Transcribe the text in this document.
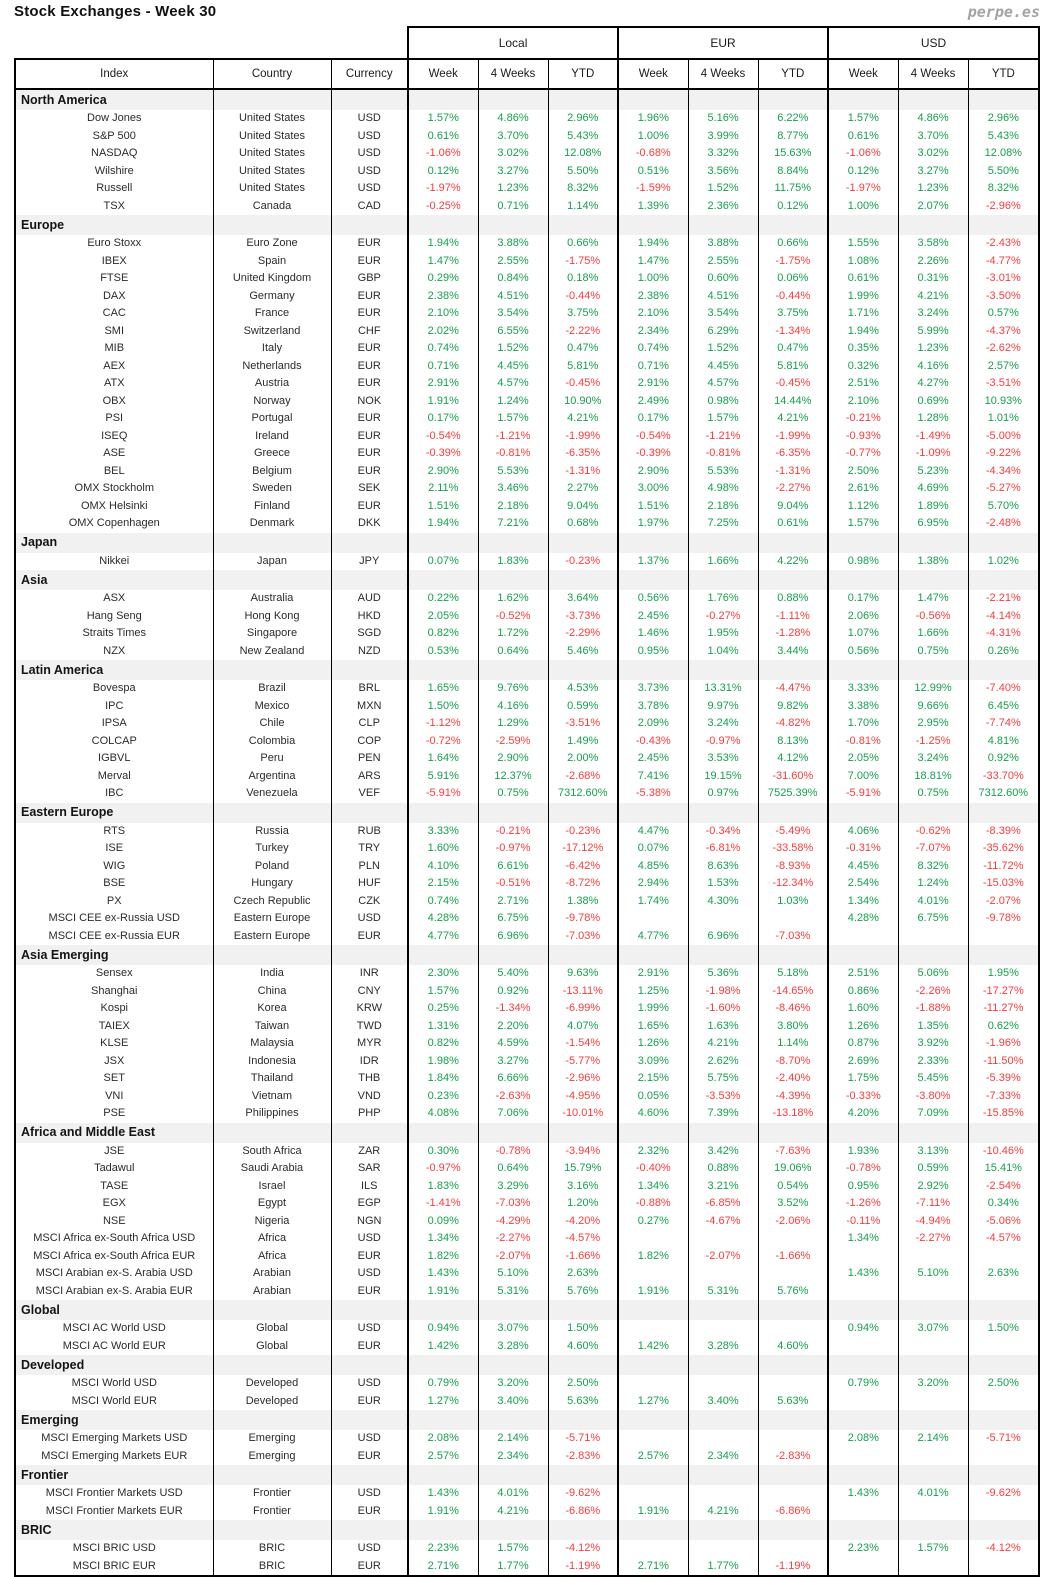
Stock Exchanges - Week 30	perpe.es
			Local			EUR			USD		
Index	Country	Currency	Week	4 Weeks	YTD	Week	4 Weeks	YTD	Week	4 Weeks	YTD
North America											
Dow Jones	United States	USD	1.57%	4.86%	2.96%	1.96%	5.16%	6.22%	1.57%	4.86%	2.96%
S&P 500	United States	USD	0.61%	3.70%	5.43%	1.00%	3.99%	8.77%	0.61%	3.70%	5.43%
NASDAQ	United States	USD	-1.06%	3.02%	12.08%	-0.68%	3.32%	15.63%	-1.06%	3.02%	12.08%
Wilshire	United States	USD	0.12%	3.27%	5.50%	0.51%	3.56%	8.84%	0.12%	3.27%	5.50%
Russell	United States	USD	-1.97%	1.23%	8.32%	-1.59%	1.52%	11.75%	-1.97%	1.23%	8.32%
TSX	Canada	CAD	-0.25%	0.71%	1.14%	1.39%	2.36%	0.12%	1.00%	2.07%	-2.96%
Europe											
Euro Stoxx	Euro Zone	EUR	1.94%	3.88%	0.66%	1.94%	3.88%	0.66%	1.55%	3.58%	-2.43%
IBEX	Spain	EUR	1.47%	2.55%	-1.75%	1.47%	2.55%	-1.75%	1.08%	2.26%	-4.77%
FTSE	United Kingdom	GBP	0.29%	0.84%	0.18%	1.00%	0.60%	0.06%	0.61%	0.31%	-3.01%
DAX	Germany	EUR	2.38%	4.51%	-0.44%	2.38%	4.51%	-0.44%	1.99%	4.21%	-3.50%
CAC	France	EUR	2.10%	3.54%	3.75%	2.10%	3.54%	3.75%	1.71%	3.24%	0.57%
SMI	Switzerland	CHF	2.02%	6.55%	-2.22%	2.34%	6.29%	-1.34%	1.94%	5.99%	-4.37%
MIB	Italy	EUR	0.74%	1.52%	0.47%	0.74%	1.52%	0.47%	0.35%	1.23%	-2.62%
AEX	Netherlands	EUR	0.71%	4.45%	5.81%	0.71%	4.45%	5.81%	0.32%	4.16%	2.57%
ATX	Austria	EUR	2.91%	4.57%	-0.45%	2.91%	4.57%	-0.45%	2.51%	4.27%	-3.51%
OBX	Norway	NOK	1.91%	1.24%	10.90%	2.49%	0.98%	14.44%	2.10%	0.69%	10.93%
PSI	Portugal	EUR	0.17%	1.57%	4.21%	0.17%	1.57%	4.21%	-0.21%	1.28%	1.01%
ISEQ	Ireland	EUR	-0.54%	-1.21%	-1.99%	-0.54%	-1.21%	-1.99%	-0.93%	-1.49%	-5.00%
ASE	Greece	EUR	-0.39%	-0.81%	-6.35%	-0.39%	-0.81%	-6.35%	-0.77%	-1.09%	-9.22%
BEL	Belgium	EUR	2.90%	5.53%	-1.31%	2.90%	5.53%	-1.31%	2.50%	5.23%	-4.34%
OMX Stockholm	Sweden	SEK	2.11%	3.46%	2.27%	3.00%	4.98%	-2.27%	2.61%	4.69%	-5.27%
OMX Helsinki	Finland	EUR	1.51%	2.18%	9.04%	1.51%	2.18%	9.04%	1.12%	1.89%	5.70%
OMX Copenhagen	Denmark	DKK	1.94%	7.21%	0.68%	1.97%	7.25%	0.61%	1.57%	6.95%	-2.48%
Japan											
Nikkei	Japan	JPY	0.07%	1.83%	-0.23%	1.37%	1.66%	4.22%	0.98%	1.38%	1.02%
Asia											
ASX	Australia	AUD	0.22%	1.62%	3.64%	0.56%	1.76%	0.88%	0.17%	1.47%	-2.21%
Hang Seng	Hong Kong	HKD	2.05%	-0.52%	-3.73%	2.45%	-0.27%	-1.11%	2.06%	-0.56%	-4.14%
Straits Times	Singapore	SGD	0.82%	1.72%	-2.29%	1.46%	1.95%	-1.28%	1.07%	1.66%	-4.31%
NZX	New Zealand	NZD	0.53%	0.64%	5.46%	0.95%	1.04%	3.44%	0.56%	0.75%	0.26%
Latin America											
Bovespa	Brazil	BRL	1.65%	9.76%	4.53%	3.73%	13.31%	-4.47%	3.33%	12.99%	-7.40%
IPC	Mexico	MXN	1.50%	4.16%	0.59%	3.78%	9.97%	9.82%	3.38%	9.66%	6.45%
IPSA	Chile	CLP	-1.12%	1.29%	-3.51%	2.09%	3.24%	-4.82%	1.70%	2.95%	-7.74%
COLCAP	Colombia	COP	-0.72%	-2.59%	1.49%	-0.43%	-0.97%	8.13%	-0.81%	-1.25%	4.81%
IGBVL	Peru	PEN	1.64%	2.90%	2.00%	2.45%	3.53%	4.12%	2.05%	3.24%	0.92%
Merval	Argentina	ARS	5.91%	12.37%	-2.68%	7.41%	19.15%	-31.60%	7.00%	18.81%	-33.70%
IBC	Venezuela	VEF	-5.91%	0.75%	7312.60%	-5.38%	0.97%	7525.39%	-5.91%	0.75%	7312.60%
Eastern Europe											
RTS	Russia	RUB	3.33%	-0.21%	-0.23%	4.47%	-0.34%	-5.49%	4.06%	-0.62%	-8.39%
ISE	Turkey	TRY	1.60%	-0.97%	-17.12%	0.07%	-6.81%	-33.58%	-0.31%	-7.07%	-35.62%
WIG	Poland	PLN	4.10%	6.61%	-6.42%	4.85%	8.63%	-8.93%	4.45%	8.32%	-11.72%
BSE	Hungary	HUF	2.15%	-0.51%	-8.72%	2.94%	1.53%	-12.34%	2.54%	1.24%	-15.03%
PX	Czech Republic	CZK	0.74%	2.71%	1.38%	1.74%	4.30%	1.03%	1.34%	4.01%	-2.07%
MSCI CEE ex-Russia USD	Eastern Europe	USD	4.28%	6.75%	-9.78%				4.28%	6.75%	-9.78%
MSCI CEE ex-Russia EUR	Eastern Europe	EUR	4.77%	6.96%	-7.03%	4.77%	6.96%	-7.03%			
Asia Emerging											
Sensex	India	INR	2.30%	5.40%	9.63%	2.91%	5.36%	5.18%	2.51%	5.06%	1.95%
Shanghai	China	CNY	1.57%	0.92%	-13.11%	1.25%	-1.98%	-14.65%	0.86%	-2.26%	-17.27%
Kospi	Korea	KRW	0.25%	-1.34%	-6.99%	1.99%	-1.60%	-8.46%	1.60%	-1.88%	-11.27%
TAIEX	Taiwan	TWD	1.31%	2.20%	4.07%	1.65%	1.63%	3.80%	1.26%	1.35%	0.62%
KLSE	Malaysia	MYR	0.82%	4.59%	-1.54%	1.26%	4.21%	1.14%	0.87%	3.92%	-1.96%
JSX	Indonesia	IDR	1.98%	3.27%	-5.77%	3.09%	2.62%	-8.70%	2.69%	2.33%	-11.50%
SET	Thailand	THB	1.84%	6.66%	-2.96%	2.15%	5.75%	-2.40%	1.75%	5.45%	-5.39%
VNI	Vietnam	VND	0.23%	-2.63%	-4.95%	0.05%	-3.53%	-4.39%	-0.33%	-3.80%	-7.33%
PSE	Philippines	PHP	4.08%	7.06%	-10.01%	4.60%	7.39%	-13.18%	4.20%	7.09%	-15.85%
Africa and Middle East											
JSE	South Africa	ZAR	0.30%	-0.78%	-3.94%	2.32%	3.42%	-7.63%	1.93%	3.13%	-10.46%
Tadawul	Saudi Arabia	SAR	-0.97%	0.64%	15.79%	-0.40%	0.88%	19.06%	-0.78%	0.59%	15.41%
TASE	Israel	ILS	1.83%	3.29%	3.16%	1.34%	3.21%	0.54%	0.95%	2.92%	-2.54%
EGX	Egypt	EGP	-1.41%	-7.03%	1.20%	-0.88%	-6.85%	3.52%	-1.26%	-7.11%	0.34%
NSE	Nigeria	NGN	0.09%	-4.29%	-4.20%	0.27%	-4.67%	-2.06%	-0.11%	-4.94%	-5.06%
MSCI Africa ex-South Africa USD	Africa	USD	1.34%	-2.27%	-4.57%				1.34%	-2.27%	-4.57%
MSCI Africa ex-South Africa EUR	Africa	EUR	1.82%	-2.07%	-1.66%	1.82%	-2.07%	-1.66%			
MSCI Arabian ex-S. Arabia USD	Arabian	USD	1.43%	5.10%	2.63%				1.43%	5.10%	2.63%
MSCI Arabian ex-S. Arabia EUR	Arabian	EUR	1.91%	5.31%	5.76%	1.91%	5.31%	5.76%			
Global											
MSCI AC World USD	Global	USD	0.94%	3.07%	1.50%				0.94%	3.07%	1.50%
MSCI AC World EUR	Global	EUR	1.42%	3.28%	4.60%	1.42%	3.28%	4.60%			
Developed											
MSCI World USD	Developed	USD	0.79%	3.20%	2.50%				0.79%	3.20%	2.50%
MSCI World EUR	Developed	EUR	1.27%	3.40%	5.63%	1.27%	3.40%	5.63%			
Emerging											
MSCI Emerging Markets USD	Emerging	USD	2.08%	2.14%	-5.71%				2.08%	2.14%	-5.71%
MSCI Emerging Markets EUR	Emerging	EUR	2.57%	2.34%	-2.83%	2.57%	2.34%	-2.83%			
Frontier											
MSCI Frontier Markets USD	Frontier	USD	1.43%	4.01%	-9.62%				1.43%	4.01%	-9.62%
MSCI Frontier Markets EUR	Frontier	EUR	1.91%	4.21%	-6.86%	1.91%	4.21%	-6.86%			
BRIC											
MSCI BRIC USD	BRIC	USD	2.23%	1.57%	-4.12%				2.23%	1.57%	-4.12%
MSCI BRIC EUR	BRIC	EUR	2.71%	1.77%	-1.19%	2.71%	1.77%	-1.19%			
